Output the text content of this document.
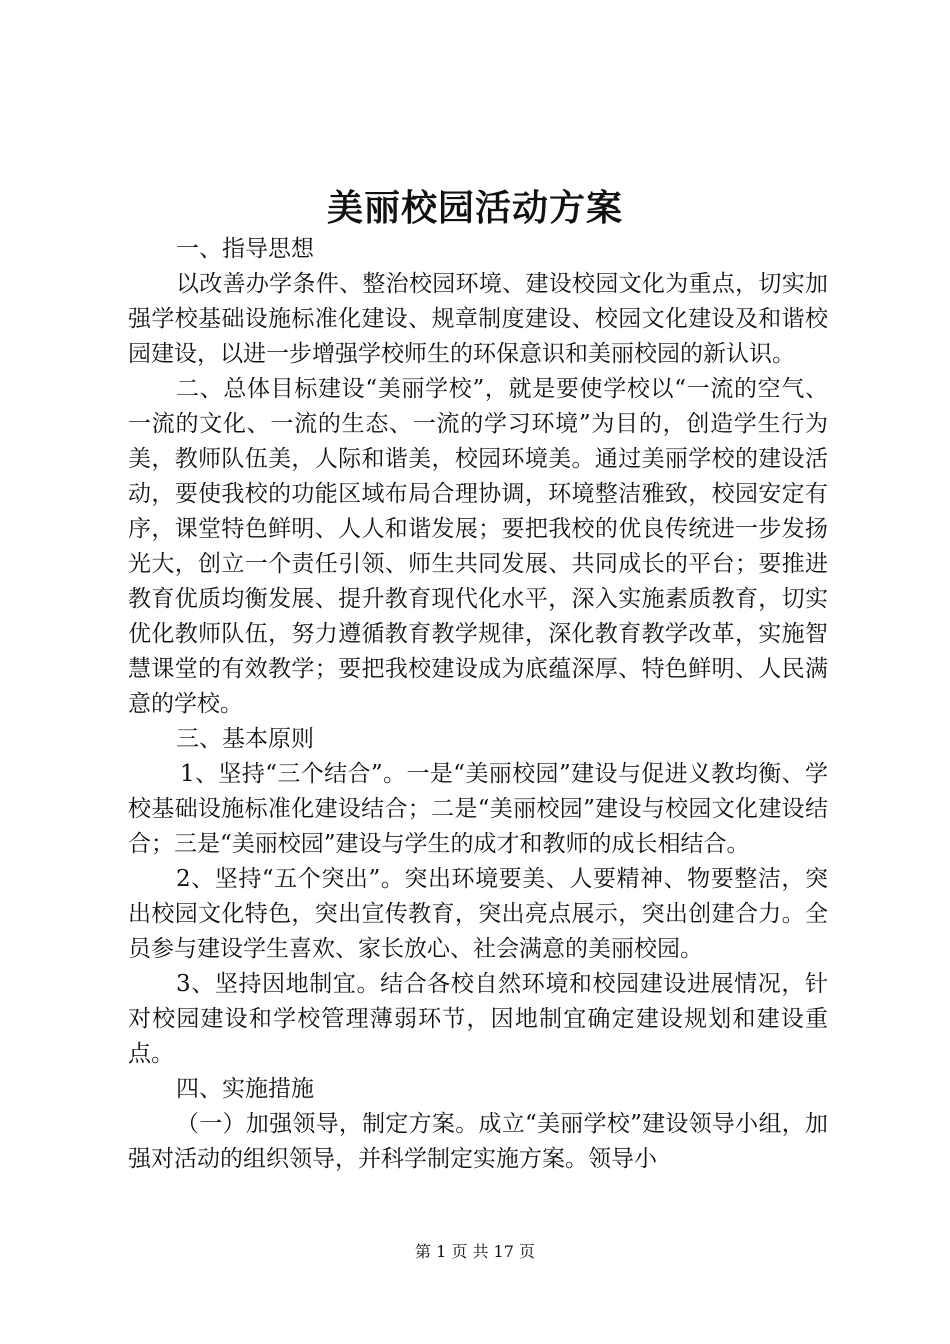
美丽校园活动方案

一、指导思想

以改善办学条件、整治校园环境、建设校园文化为重点，切实加强学校基础设施标准化建设、规章制度建设、校园文化建设及和谐校园建设，以进一步增强学校师生的环保意识和美丽校园的新认识。

二、总体目标建设“美丽学校”，就是要使学校以“一流的空气、一流的文化、一流的生态、一流的学习环境”为目的，创造学生行为美，教师队伍美，人际和谐美，校园环境美。通过美丽学校的建设活动，要使我校的功能区域布局合理协调，环境整洁雅致，校园安定有序，课堂特色鲜明、人人和谐发展；要把我校的优良传统进一步发扬光大，创立一个责任引领、师生共同发展、共同成长的平台；要推进教育优质均衡发展、提升教育现代化水平，深入实施素质教育，切实优化教师队伍，努力遵循教育教学规律，深化教育教学改革，实施智慧课堂的有效教学；要把我校建设成为底蕴深厚、特色鲜明、人民满意的学校。

三、基本原则

1、坚持“三个结合”。一是“美丽校园”建设与促进义教均衡、学校基础设施标准化建设结合；二是“美丽校园”建设与校园文化建设结合；三是“美丽校园”建设与学生的成才和教师的成长相结合。

2、坚持“五个突出”。突出环境要美、人要精神、物要整洁，突出校园文化特色，突出宣传教育，突出亮点展示，突出创建合力。全员参与建设学生喜欢、家长放心、社会满意的美丽校园。

3、坚持因地制宜。结合各校自然环境和校园建设进展情况，针对校园建设和学校管理薄弱环节，因地制宜确定建设规划和建设重点。

四、实施措施

（一）加强领导，制定方案。成立“美丽学校”建设领导小组，加强对活动的组织领导，并科学制定实施方案。领导小

第 1 页 共 17 页
